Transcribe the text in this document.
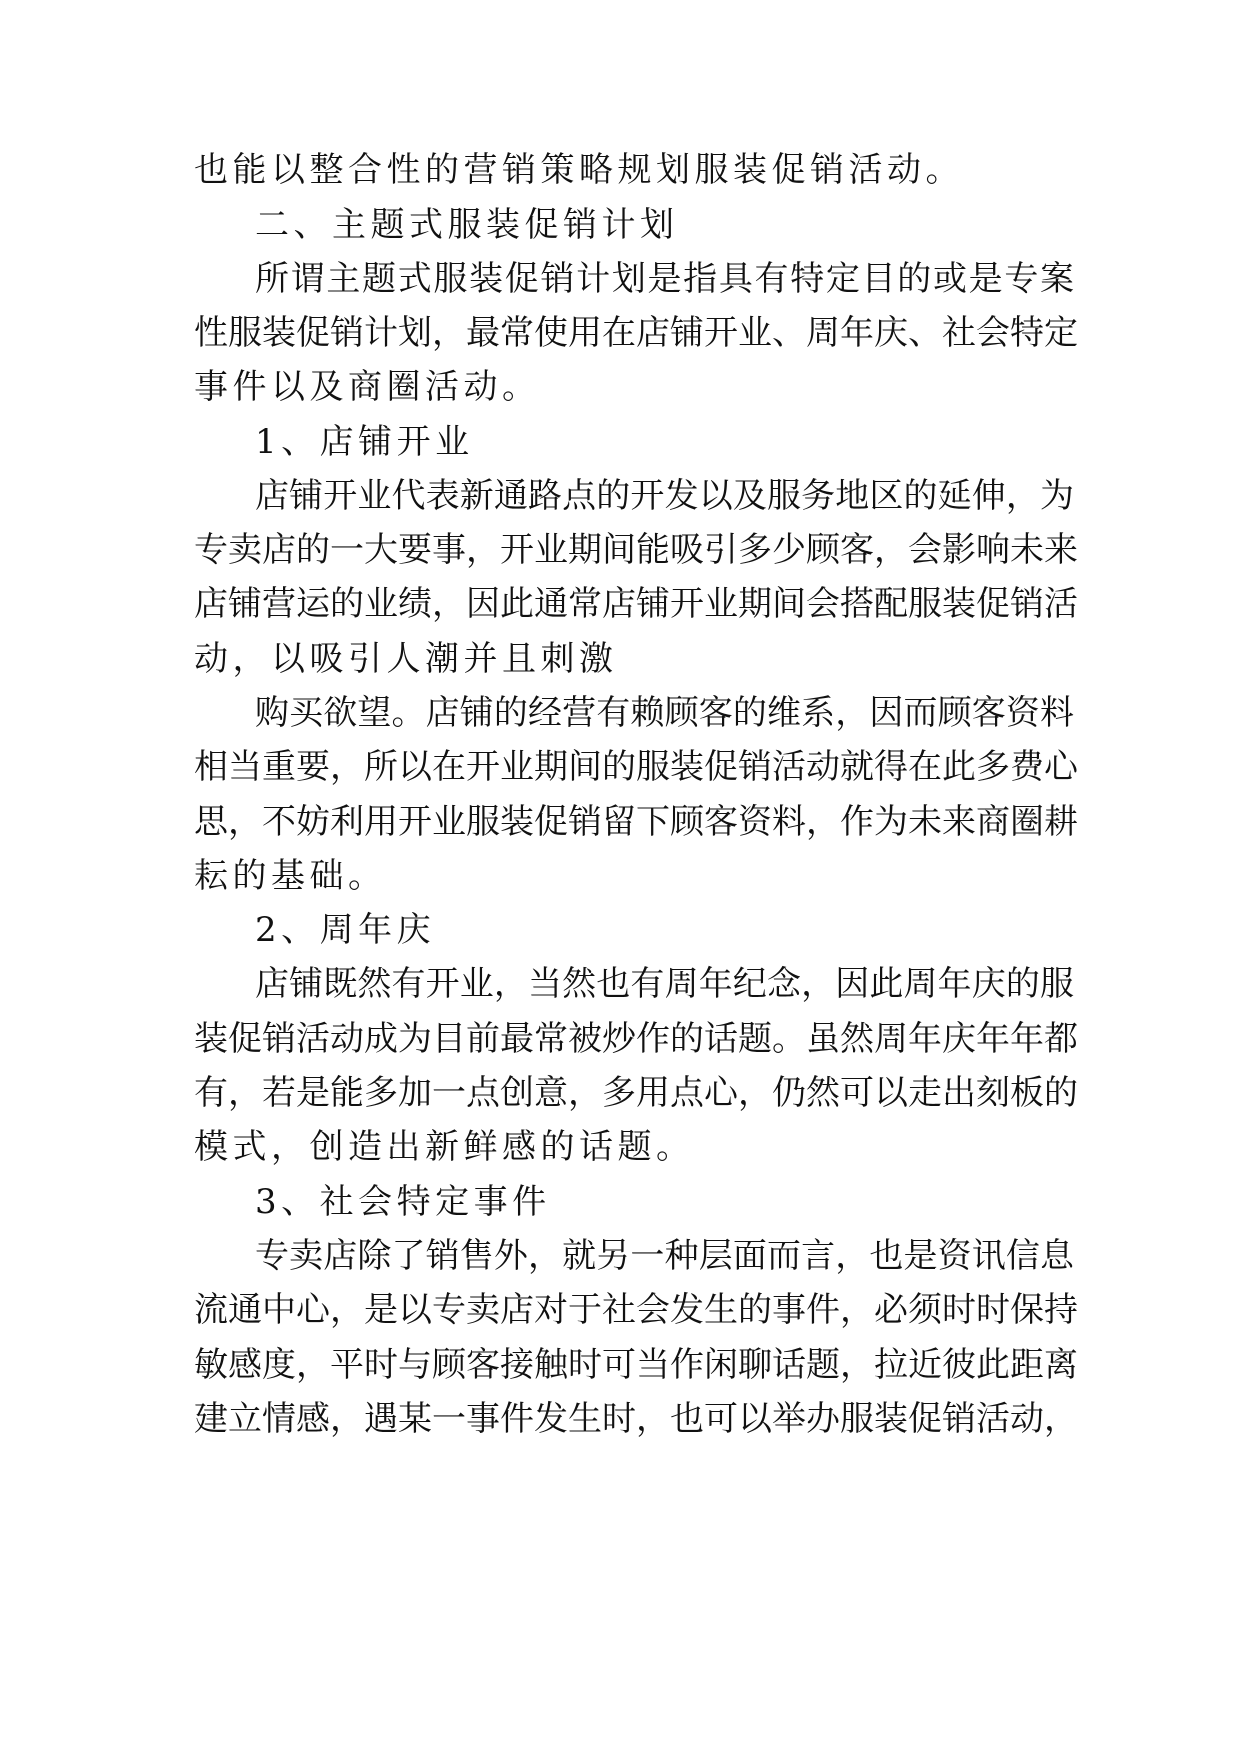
也能以整合性的营销策略规划服装促销活动。
二、主题式服装促销计划
所谓主题式服装促销计划是指具有特定目的或是专案
性服装促销计划，最常使用在店铺开业、周年庆、社会特定
事件以及商圈活动。
1、店铺开业
店铺开业代表新通路点的开发以及服务地区的延伸，为
专卖店的一大要事，开业期间能吸引多少顾客，会影响未来
店铺营运的业绩，因此通常店铺开业期间会搭配服装促销活
动，以吸引人潮并且刺激
购买欲望。店铺的经营有赖顾客的维系，因而顾客资料
相当重要，所以在开业期间的服装促销活动就得在此多费心
思，不妨利用开业服装促销留下顾客资料，作为未来商圈耕
耘的基础。
2、周年庆
店铺既然有开业，当然也有周年纪念，因此周年庆的服
装促销活动成为目前最常被炒作的话题。虽然周年庆年年都
有，若是能多加一点创意，多用点心，仍然可以走出刻板的
模式，创造出新鲜感的话题。
3、社会特定事件
专卖店除了销售外，就另一种层面而言，也是资讯信息
流通中心，是以专卖店对于社会发生的事件，必须时时保持
敏感度，平时与顾客接触时可当作闲聊话题，拉近彼此距离
建立情感，遇某一事件发生时，也可以举办服装促销活动，
